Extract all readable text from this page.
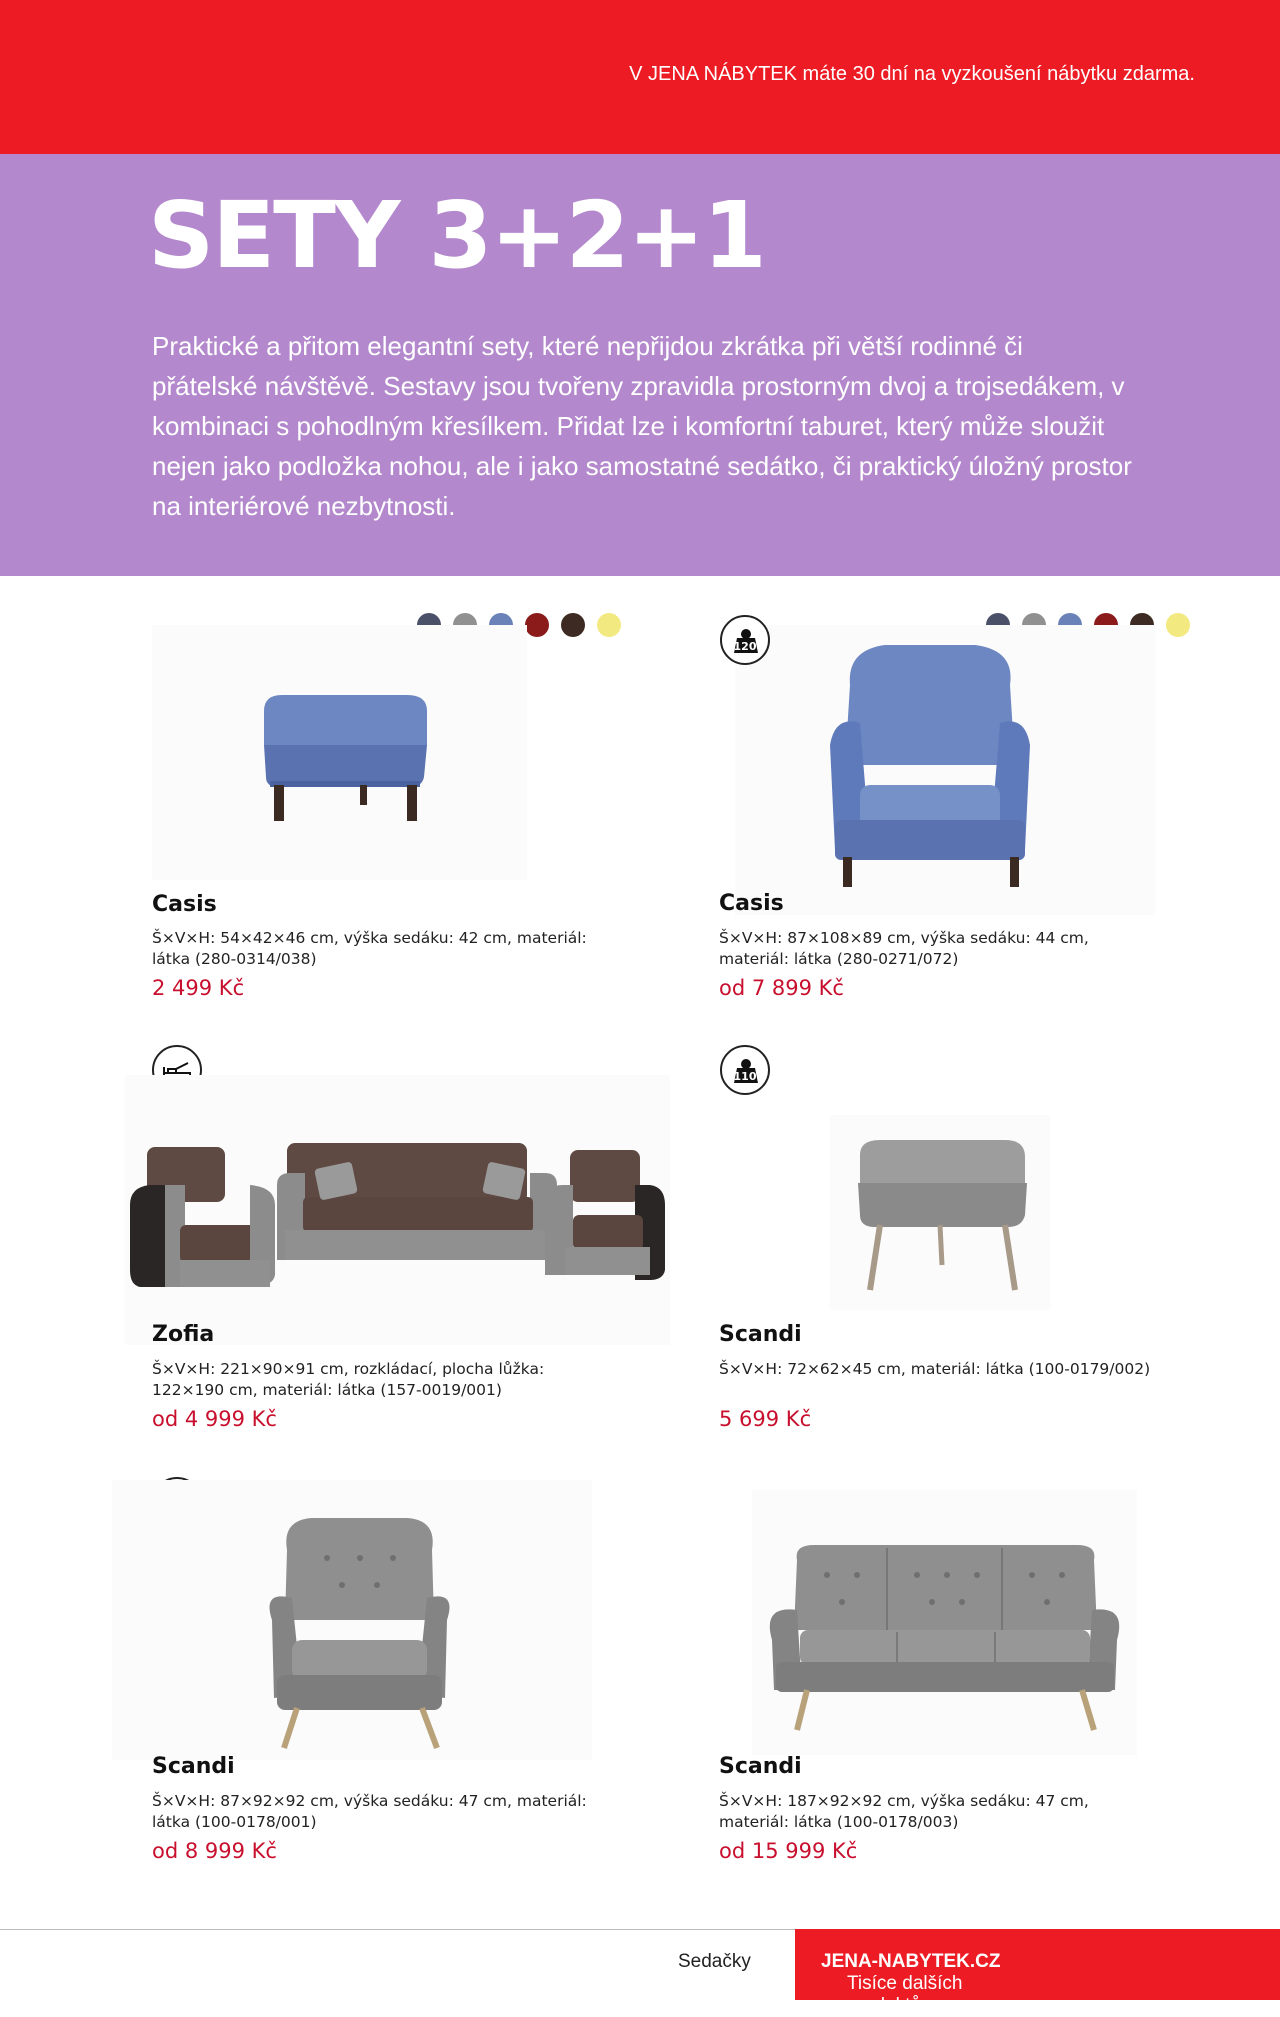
V JENA NÁBYTEK máte 30 dní na vyzkoušení nábytku zdarma.
SETY 3+2+1

Praktické a přitom elegantní sety, které nepřijdou zkrátka při větší rodinné či přátelské návštěvě. Sestavy jsou tvořeny zpravidla prostorným dvoj a trojsedákem, v kombinaci s pohodlným křesílkem. Přidat lze i komfortní taburet, který může sloužit nejen jako podložka nohou, ale i jako samostatné sedátko, či praktický úložný prostor na interiérové nezbytnosti.

Casis
Š×V×H: 54×42×46 cm, výška sedáku: 42 cm, materiál: látka (280-0314/038)
2 499 Kč
120
Casis
Š×V×H: 87×108×89 cm, výška sedáku: 44 cm, materiál: látka (280-0271/072)
od 7 899 Kč
Zofia
Š×V×H: 221×90×91 cm, rozkládací, plocha lůžka: 122×190 cm, materiál: látka (157-0019/001)
od 4 999 Kč
110
Scandi
Š×V×H: 72×62×45 cm, materiál: látka (100-0179/002)
5 699 Kč
Scandi
Š×V×H: 87×92×92 cm, výška sedáku: 47 cm, materiál: látka (100-0178/001)
od 8 999 Kč
Scandi
Š×V×H: 187×92×92 cm, výška sedáku: 47 cm, materiál: látka (100-0178/003)
od 15 999 Kč
Sedačky
Tisíce dalších produktů na
JENA-NABYTEK.CZ
